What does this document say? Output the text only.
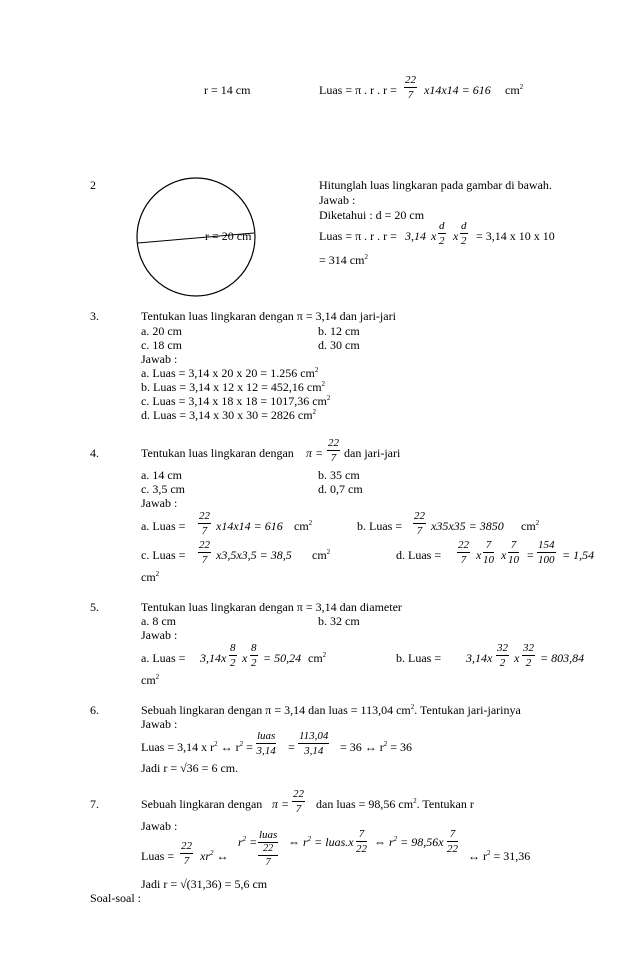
r = 14 cm	Luas = π . r . $r = \frac{22}{7} x14x14 = 616$ $cm^2$
2	Hitunglah luas lingkaran pada gambar di bawah.
Jawab :
Diketahui : d = 20 cm
r = 20 cm	Luas = π . r . r = 3,14 x $\frac{d}{2}$ x $\frac{d}{2} = 3,14$ x 10 x 10
= 314 $cm^2$
3.	Tentukan luas lingkaran dengan π = 3,14 dan jari-jari
a. 20 cm	b. 12 cm
c. 18 cm	d. 30 cm
Jawab :
a. Luas = 3,14 x 20 x 20 = 1.256 $cm^2$
b. Luas = 3,14 x 12 x 12 = 452,16 $cm^2$
c. Luas = 3,14 x 18 x 18 = 1017,36 $cm^2$
d. Luas = 3,14 x 30 x 30 = 2826 $cm^2$
4.	Tentukan luas lingkaran dengan $\pi = \frac{22}{7}$ dan jari-jari
a. 14 cm	b. 35 cm
c. 3,5 cm	d. 0,7 cm
Jawab :
a. Luas = $\frac{22}{7} x14x14 = 616$ $cm^2$	b. Luas = $\frac{22}{7} x35x35 = 3850$ $cm^2$
c. Luas = $\frac{22}{7} x3,5x3,5 = 38,5$ $cm^2$	d. Luas = $\frac{22}{7}$ x $\frac{7}{10}$ x $\frac{7}{10} = \frac{154}{100} = 1,54$
$cm^2$
5.	Tentukan luas lingkaran dengan π = 3,14 dan diameter
a. 8 cm	b. 32 cm
Jawab :
a. Luas = $3,14x \frac{8}{2}$ x $\frac{8}{2} = 50,24$ $cm^2$	b. Luas = $3,14x \frac{32}{2}$ x $\frac{32}{2} = 803,84$
$cm^2$
6.	Sebuah lingkaran dengan π = 3,14 dan luas = 113,04 $cm^2$. Tentukan jari-jarinya
Jawab :
Luas = 3,14 x $r^2$ ↔ $r^2$ =
luas
$3,14 = \frac{113,04}{3,14} = 36$ ↔ $r^2 = 36$
Jadi r = √36 = 6 cm.
7.	Sebuah lingkaran dengan $\pi = \frac{22}{7}$ dan luas = 98,56 $cm^2$. Tentukan r
Jawab :
Luas = $\frac{22}{7} xr^2$ ↔
$r^2$ = luas
22
7
⇔ $r^2$ = luas.x $\frac{7}{22}$ ⇔ $r^2 = 98,56x \frac{7}{22}$
↔ $r^2 = 31,36$
Jadi r = √(31,36) = 5,6 cm
Soal-soal :
